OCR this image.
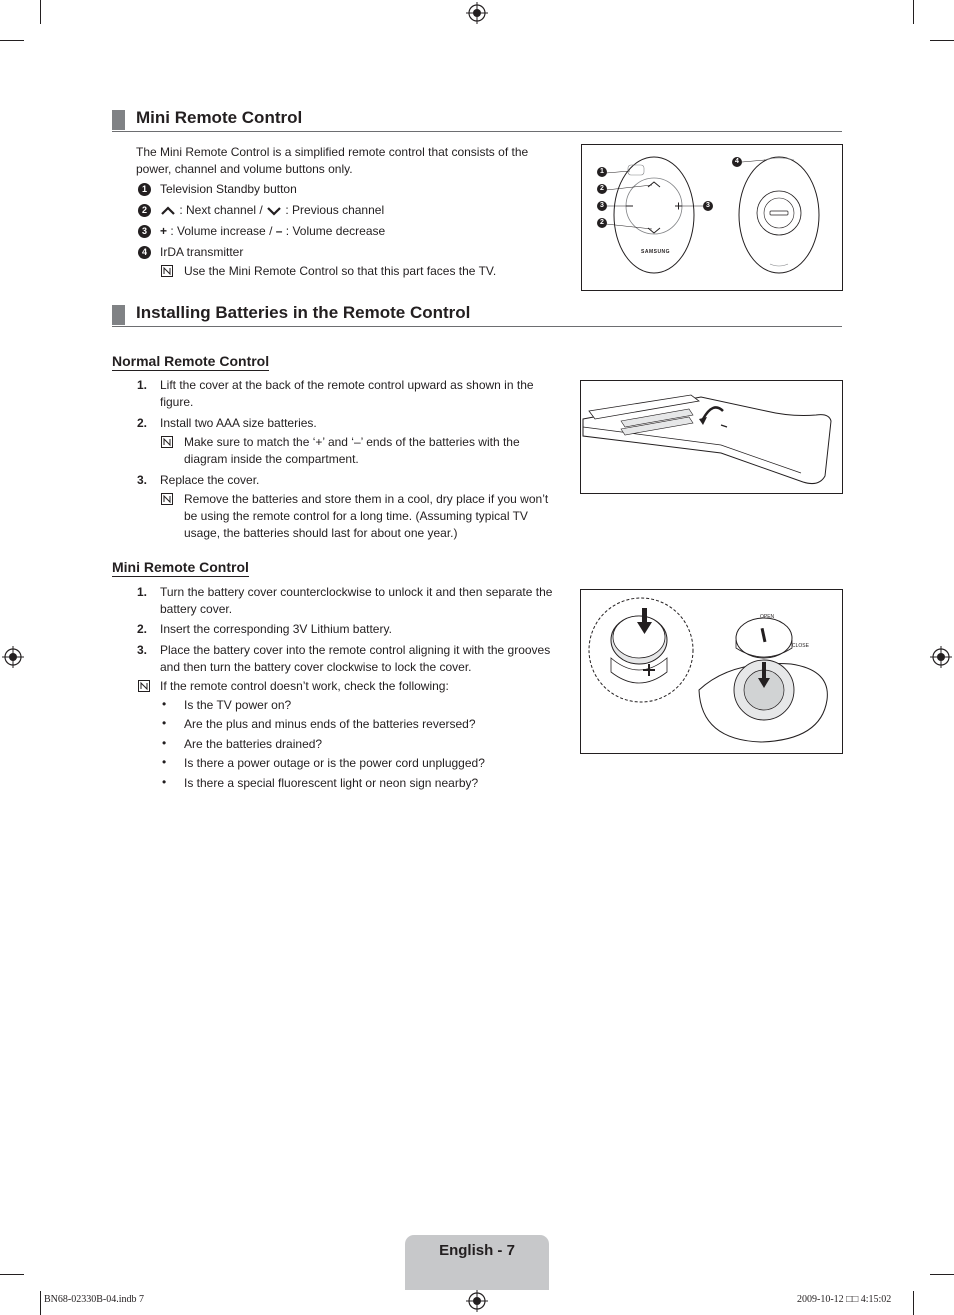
Mini Remote Control
The Mini Remote Control is a simplified remote control that consists of the power, channel and volume buttons only.
1	Television Standby button
2	: Next channel /  : Previous channel
3	+ : Volume increase / – : Volume decrease
4	IrDA transmitter
Use the Mini Remote Control so that this part faces the TV.
SAMSUNG
1
2
3
2
3
4
Installing Batteries in the Remote Control
Normal Remote Control
1. Lift the cover at the back of the remote control upward as shown in the figure.
2. Install two AAA size batteries.
Make sure to match the ‘+’ and ‘–’ ends of the batteries with the diagram inside the compartment.
3. Replace the cover.
Remove the batteries and store them in a cool, dry place if you won’t be using the remote control for a long time. (Assuming typical TV usage, the batteries should last for about one year.)
Mini Remote Control
1. Turn the battery cover counterclockwise to unlock it and then separate the battery cover.
2. Insert the corresponding 3V Lithium battery.
3. Place the battery cover into the remote control aligning it with the grooves and then turn the battery cover clockwise to lock the cover.
If the remote control doesn’t work, check the following:
• Is the TV power on?
• Are the plus and minus ends of the batteries reversed?
• Are the batteries drained?
• Is there a power outage or is the power cord unplugged?
• Is there a special fluorescent light or neon sign nearby?
OPEN
CLOSE
English - 7
BN68-02330B-04.indb 7	2009-10-12 □□ 4:15:02
